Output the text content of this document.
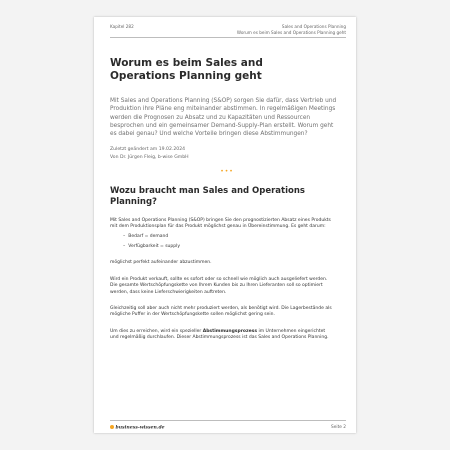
Kapitel 282	Sales and Operations Planning
Worum es beim Sales and Operations Planning geht
Worum es beim Sales and Operations Planning geht

Mit Sales and Operations Planning (S&OP) sorgen Sie dafür, dass Vertrieb und Produktion ihre Pläne eng miteinander abstimmen. In regelmäßigen Meetings werden die Prognosen zu Absatz und zu Kapazitäten und Ressourcen besprochen und ein gemeinsamer Demand-Supply-Plan erstellt. Worum geht es dabei genau? Und welche Vorteile bringen diese Abstimmungen?

Zuletzt geändert am 19.02.2024
Von Dr. Jürgen Fleig, b-wise GmbH
•••
Wozu braucht man Sales and Operations Planning?

Mit Sales and Operations Planning (S&OP) bringen Sie den prognostizierten Absatz eines Produkts mit dem Produktionsplan für das Produkt möglichst genau in Übereinstimmung. Es geht darum:

– Bedarf = demand
– Verfügbarkeit = supply

möglichst perfekt aufeinander abzustimmen.

Wird ein Produkt verkauft, sollte es sofort oder so schnell wie möglich auch ausgeliefert werden. Die gesamte Wertschöpfungskette von Ihrem Kunden bis zu Ihren Lieferanten soll so optimiert werden, dass keine Lieferschwierigkeiten auftreten.

Gleichzeitig soll aber auch nicht mehr produziert werden, als benötigt wird. Die Lagerbestände als mögliche Puffer in der Wertschöpfungskette sollen möglichst gering sein.

Um dies zu erreichen, wird ein spezieller Abstimmungsprozess im Unternehmen eingerichtet und regelmäßig durchlaufen. Dieser Abstimmungsprozess ist das Sales and Operations Planning.

business-wissen.de	Seite 2
